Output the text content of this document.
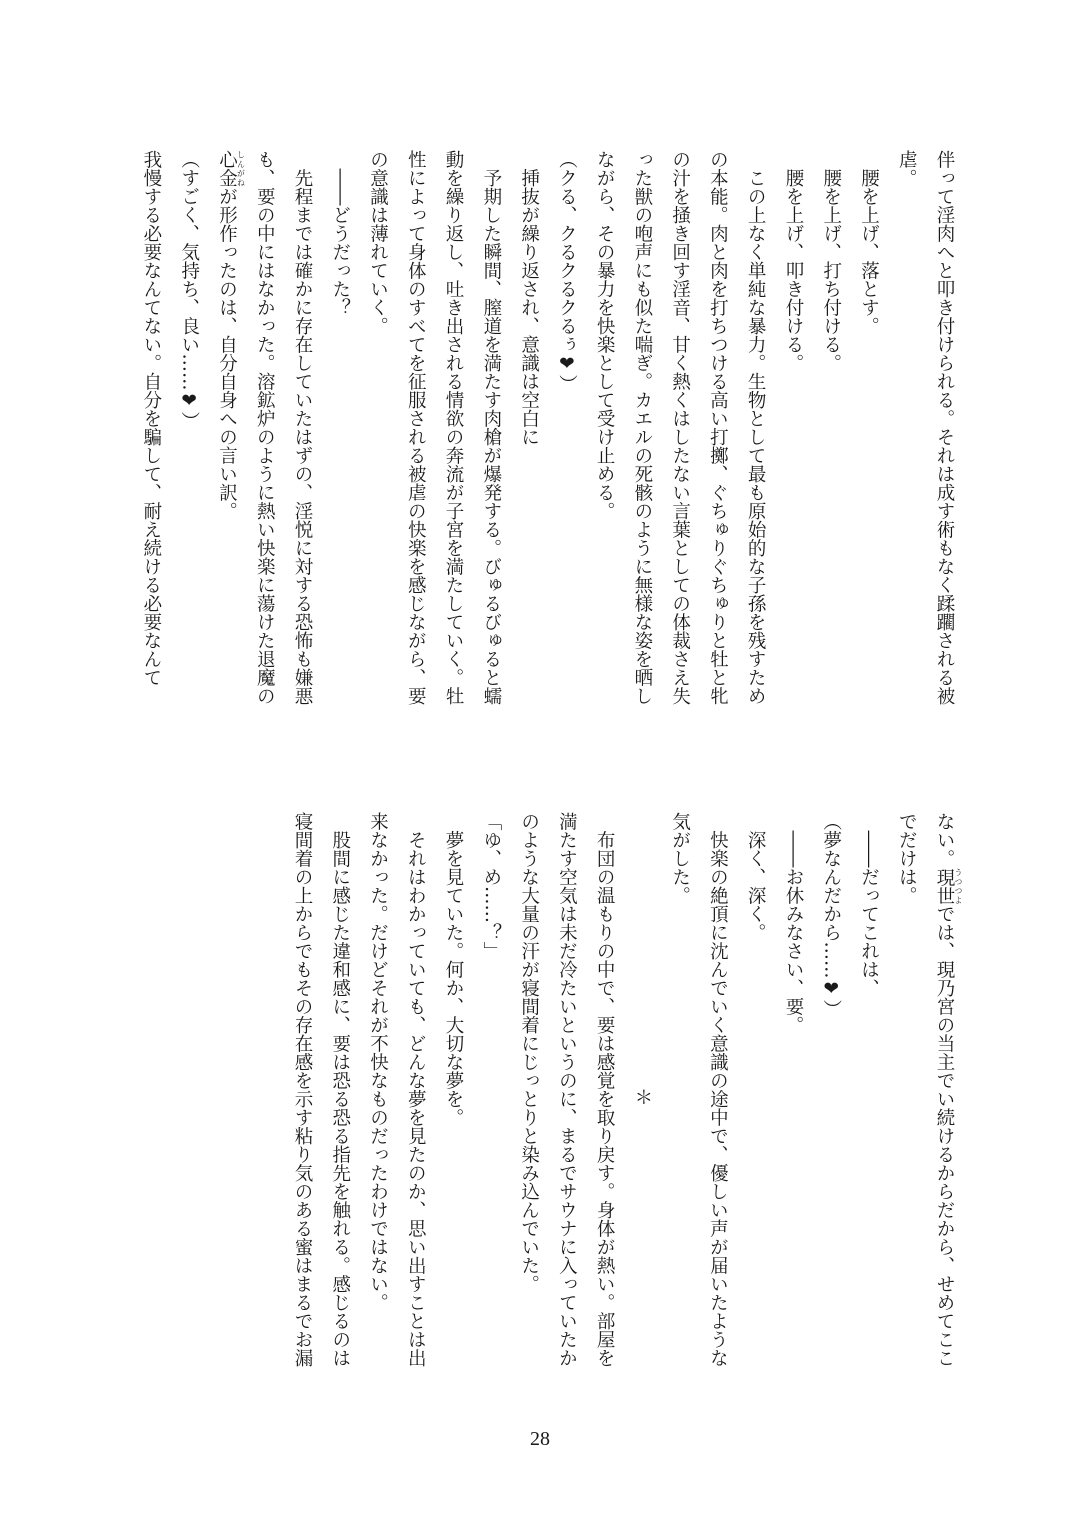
伴って淫肉へと叩き付けられる。それは成す術もなく蹂躙される被
虐。
　腰を上げ、落とす。
　腰を上げ、打ち付ける。
　腰を上げ、叩き付ける。
　この上なく単純な暴力。生物として最も原始的な子孫を残すため
の本能。肉と肉を打ちつける高い打擲、ぐちゅりぐちゅりと牡と牝
の汁を掻き回す淫音、甘く熱くはしたない言葉としての体裁さえ失
った獣の咆声にも似た喘ぎ。カエルの死骸のように無様な姿を晒し
ながら、その暴力を快楽として受け止める。
（クる、クるクるクるぅ❤）
　挿抜が繰り返され、意識は空白に
　予期した瞬間、膣道を満たす肉槍が爆発する。びゅるびゅると蠕
動を繰り返し、吐き出される情欲の奔流が子宮を満たしていく。牡
性によって身体のすべてを征服される被虐の快楽を感じながら、要
の意識は薄れていく。
　――どうだった？
　先程までは確かに存在していたはずの、淫悦に対する恐怖も嫌悪
も、要の中にはなかった。溶鉱炉のように熱い快楽に蕩けた退魔の
心金 しんがねが形作ったのは、自分自身への言い訳。
（すごく、気持ち、良い……❤）
我慢する必要なんてない。自分を騙して、耐え続ける必要なんて
ない。現世 うつつよでは、現乃宮の当主でい続けるからだから、せめてここ
でだけは。
　――だってこれは、
（夢なんだから……❤）
　――お休みなさい、要。
　深く、深く。
　快楽の絶頂に沈んでいく意識の途中で、優しい声が届いたような
気がした。
＊
　布団の温もりの中で、要は感覚を取り戻す。身体が熱い。部屋を
満たす空気は未だ冷たいというのに、まるでサウナに入っていたか
のような大量の汗が寝間着にじっとりと染み込んでいた。
「ゆ、め……？」
　夢を見ていた。何か、大切な夢を。
　それはわかっていても、どんな夢を見たのか、思い出すことは出
来なかった。だけどそれが不快なものだったわけではない。
　股間に感じた違和感に、要は恐る恐る指先を触れる。感じるのは
寝間着の上からでもその存在感を示す粘り気のある蜜はまるでお漏
28
